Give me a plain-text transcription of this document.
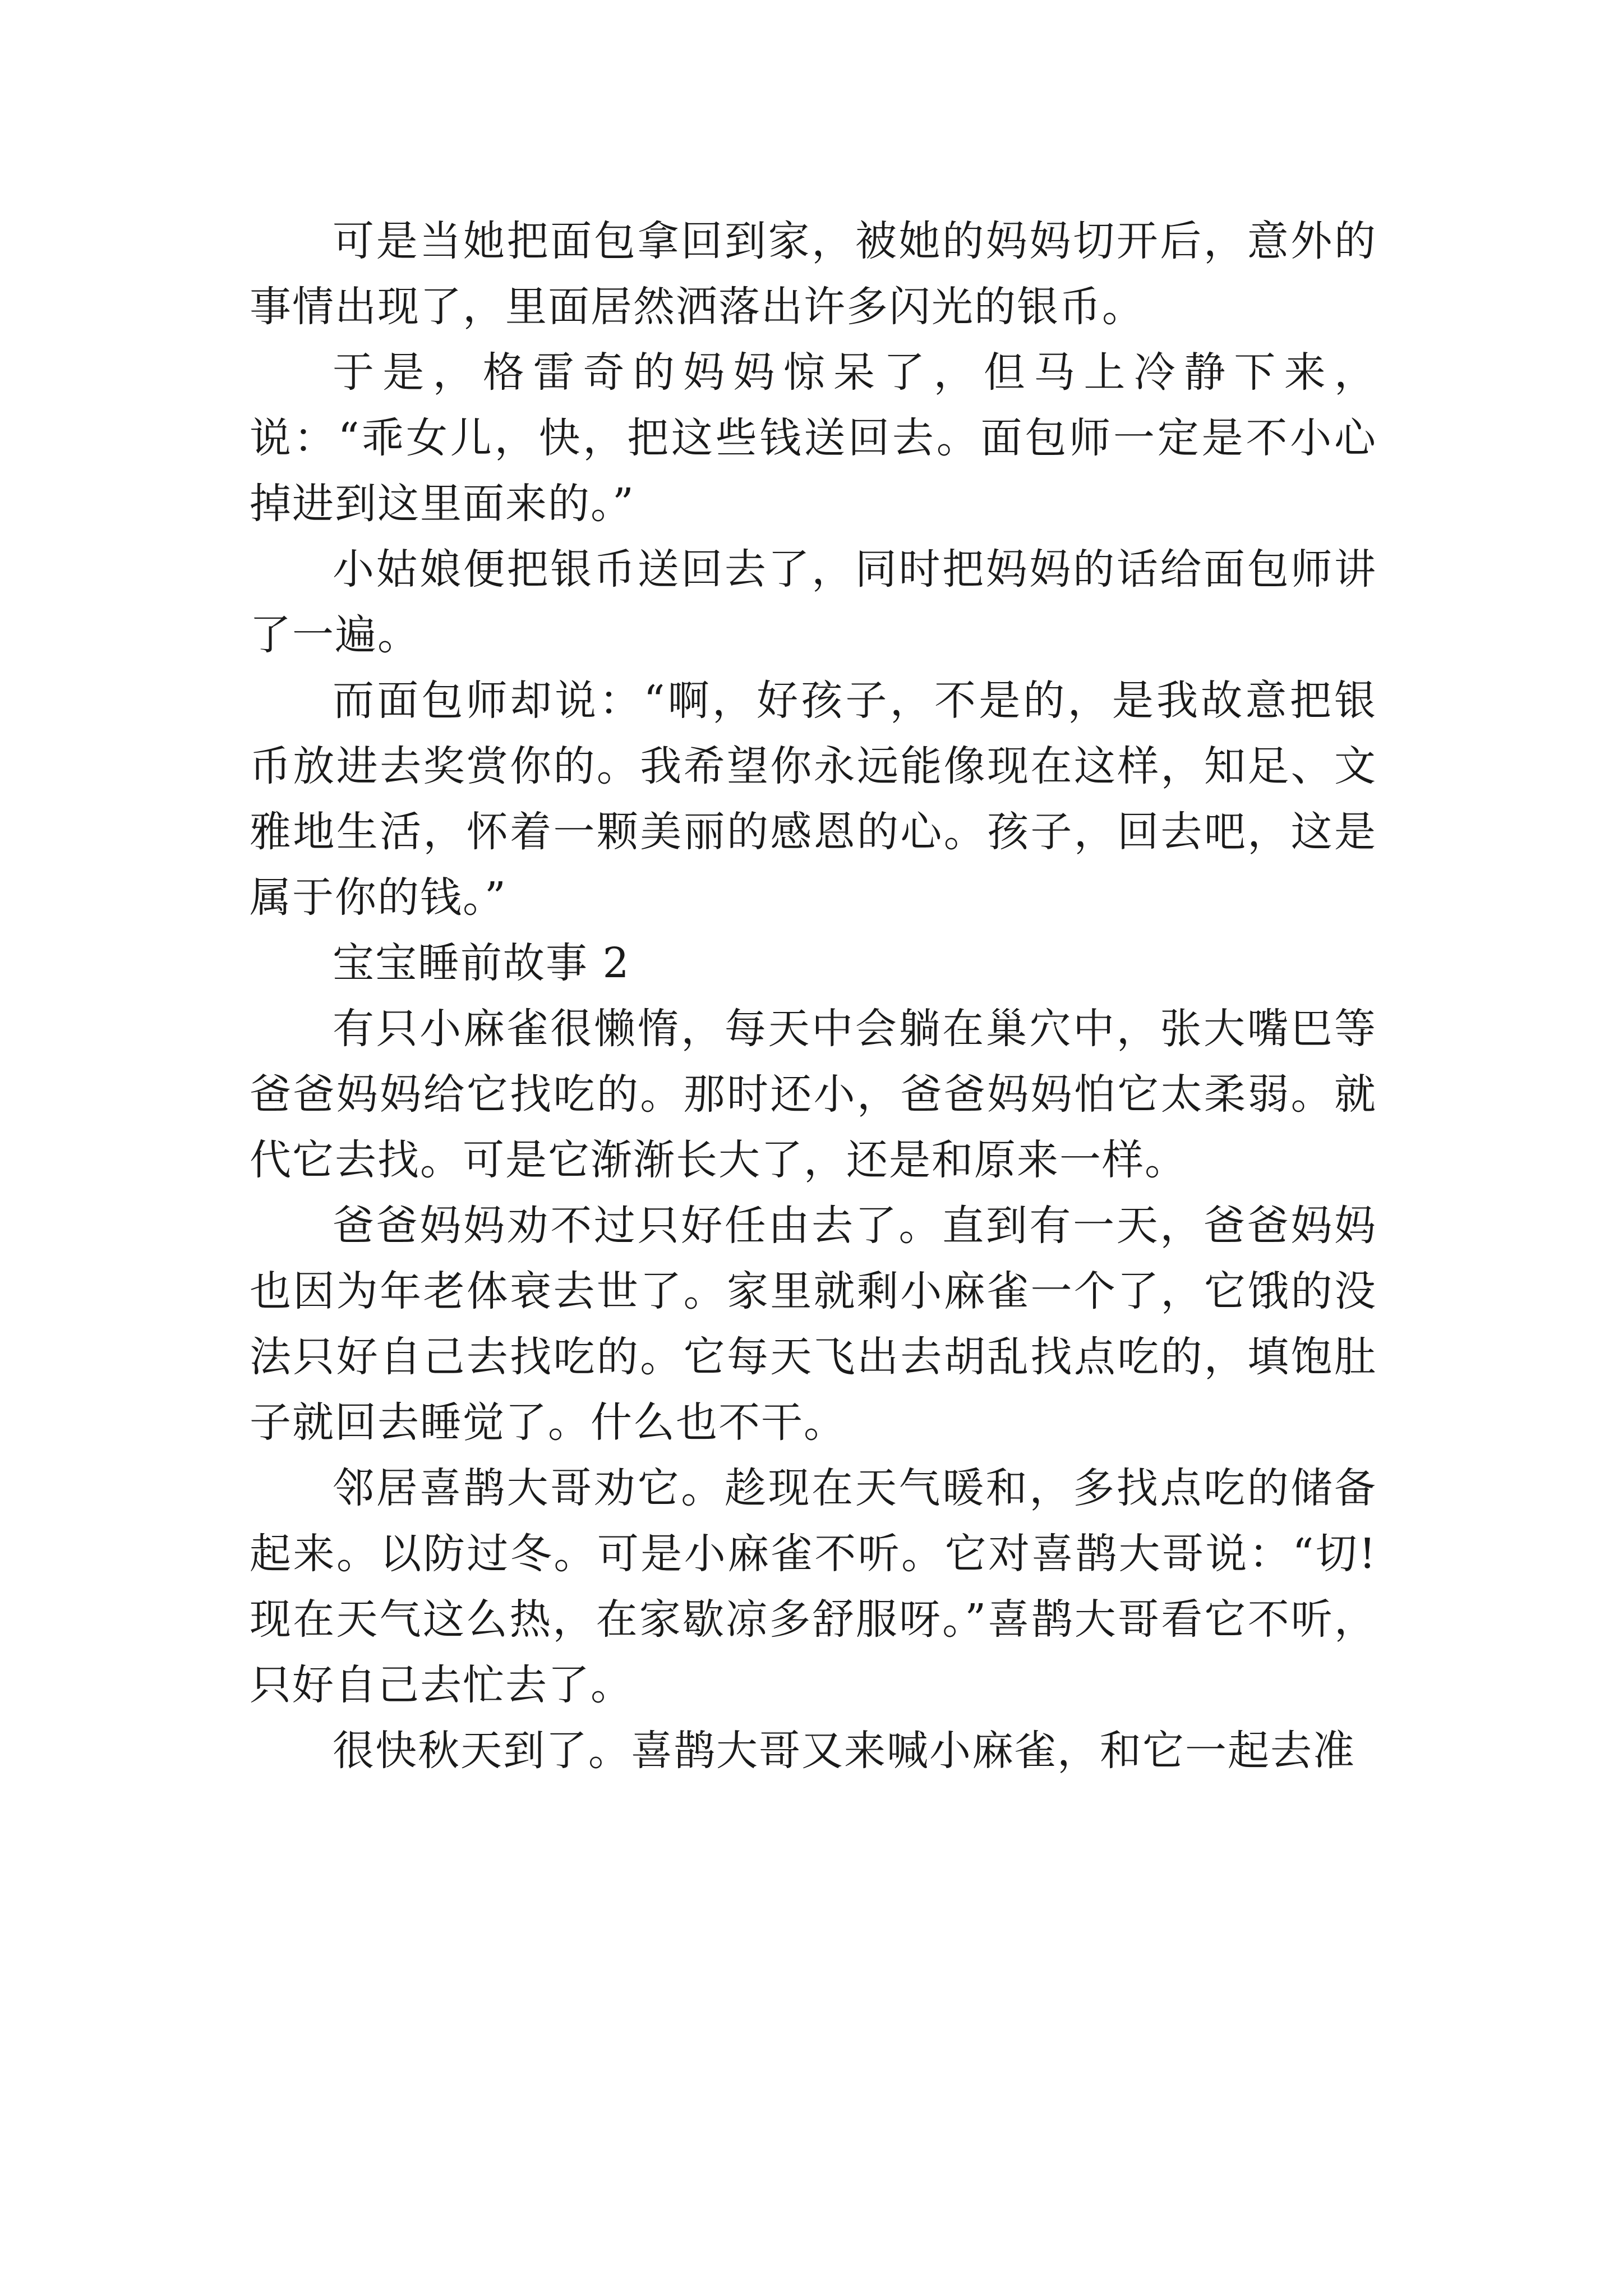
可是当她把面包拿回到家，被她的妈妈切开后，意外的事情出现了，里面居然洒落出许多闪光的银币。

于是，格雷奇的妈妈惊呆了，但马上冷静下来，说：“乖女儿，快，把这些钱送回去。面包师一定是不小心掉进到这里面来的。”

小姑娘便把银币送回去了，同时把妈妈的话给面包师讲了一遍。

而面包师却说：“啊，好孩子，不是的，是我故意把银币放进去奖赏你的。我希望你永远能像现在这样，知足、文雅地生活，怀着一颗美丽的感恩的心。孩子，回去吧，这是属于你的钱。”

宝宝睡前故事 2

有只小麻雀很懒惰，每天中会躺在巢穴中，张大嘴巴等爸爸妈妈给它找吃的。那时还小，爸爸妈妈怕它太柔弱。就代它去找。可是它渐渐长大了，还是和原来一样。

爸爸妈妈劝不过只好任由去了。直到有一天，爸爸妈妈也因为年老体衰去世了。家里就剩小麻雀一个了，它饿的没法只好自己去找吃的。它每天飞出去胡乱找点吃的，填饱肚子就回去睡觉了。什么也不干。

邻居喜鹊大哥劝它。趁现在天气暖和，多找点吃的储备起来。以防过冬。可是小麻雀不听。它对喜鹊大哥说：“切!现在天气这么热，在家歇凉多舒服呀。”喜鹊大哥看它不听，只好自己去忙去了。

很快秋天到了。喜鹊大哥又来喊小麻雀，和它一起去准
